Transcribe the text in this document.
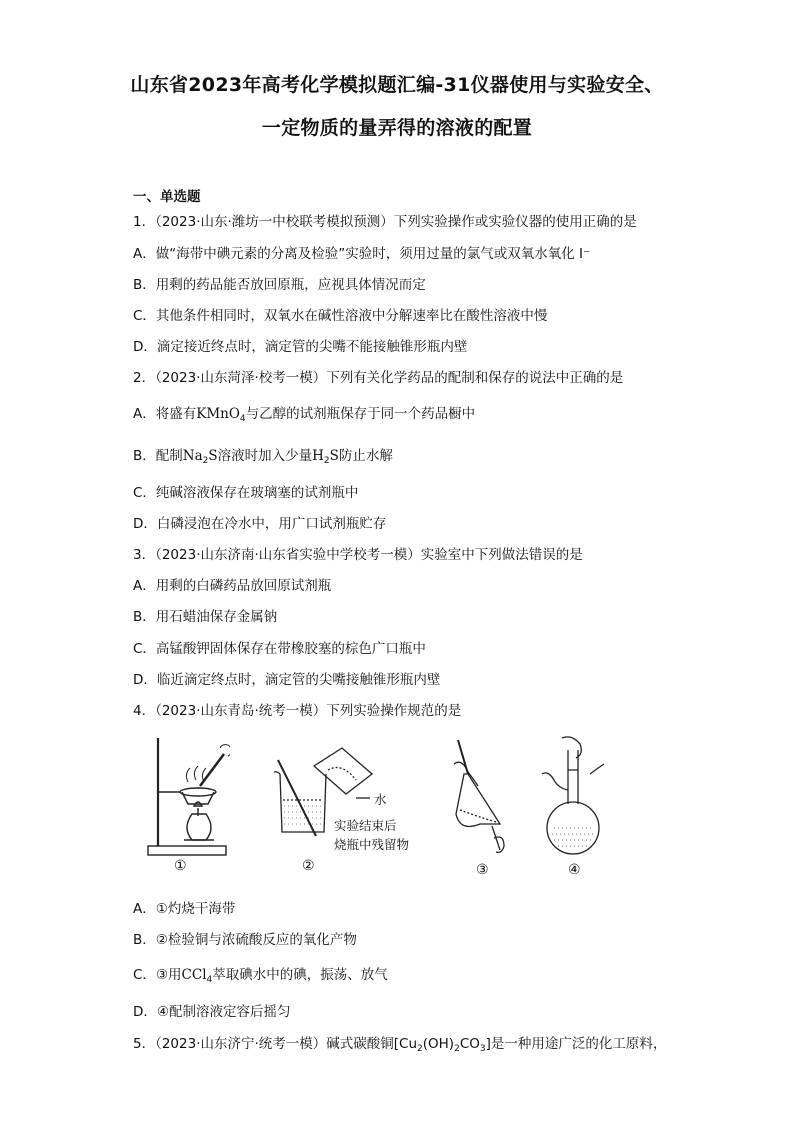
山东省2023年高考化学模拟题汇编-31仪器使用与实验安全、
一定物质的量弄得的溶液的配置
一、单选题
1．（2023·山东·潍坊一中校联考模拟预测）下列实验操作或实验仪器的使用正确的是
A．做“海带中碘元素的分离及检验”实验时，须用过量的氯气或双氧水氧化 I⁻
B．用剩的药品能否放回原瓶，应视具体情况而定
C．其他条件相同时，双氧水在碱性溶液中分解速率比在酸性溶液中慢
D．滴定接近终点时，滴定管的尖嘴不能接触锥形瓶内壁
2．（2023·山东菏泽·校考一模）下列有关化学药品的配制和保存的说法中正确的是
A．将盛有KMnO$_4$与乙醇的试剂瓶保存于同一个药品橱中
B．配制$Na_2S$溶液时加入少量$H_2S$防止水解
C．纯碱溶液保存在玻璃塞的试剂瓶中
D．白磷浸泡在冷水中，用广口试剂瓶贮存
3．（2023·山东济南·山东省实验中学校考一模）实验室中下列做法错误的是
A．用剩的白磷药品放回原试剂瓶
B．用石蜡油保存金属钠
C．高锰酸钾固体保存在带橡胶塞的棕色广口瓶中
D．临近滴定终点时，滴定管的尖嘴接触锥形瓶内壁
4．（2023·山东青岛·统考一模）下列实验操作规范的是
水
实验结束后
烧瓶中残留物
①	②	③	④
A．①灼烧干海带
B．②检验铜与浓硫酸反应的氧化产物
C．③用CCl$_4$萃取碘水中的碘，振荡、放气
D．④配制溶液定容后摇匀
5．（2023·山东济宁·统考一模）碱式碳酸铜$[Cu_2(OH)_2CO_3]$是一种用途广泛的化工原料，
